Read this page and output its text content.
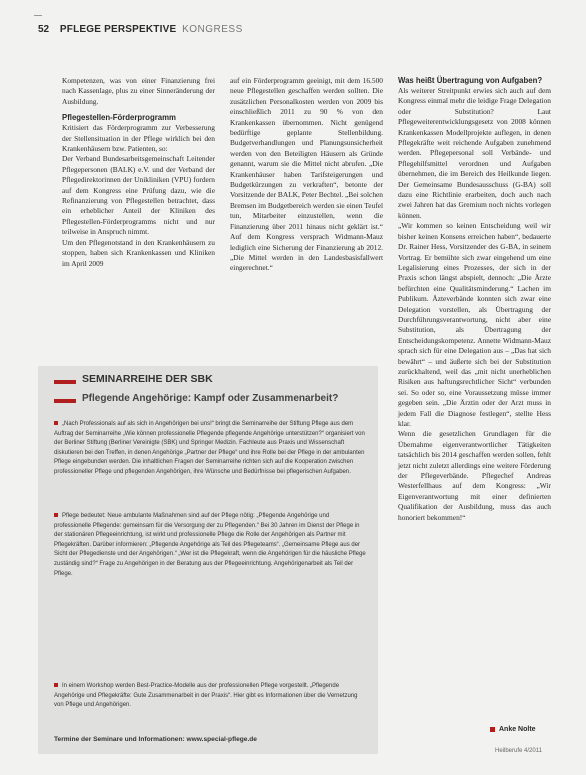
52 PFLEGE PERSPEKTIVE KONGRESS

Kompetenzen, was von einer Finanzierung frei nach Kassenlage, plus zu einer Sinneränderung der Ausbildung.

Pflegestellen-Förderprogramm

Kritisiert das Förderprogramm zur Verbesserung der Stellensituation in der Pflege wirklich bei den Krankenhäusern bzw. Patienten, so:

Der Verband Bundesarbeitsgemeinschaft Leitender Pflegepersonen (BALK) e.V. und der Verband der Pflegedirektorinnen der Unikliniken (VPU) fordern auf dem Kongress eine Prüfung dazu, wie die Refinanzierung von Pflegestellen betrachtet, dass ein erheblicher Anteil der Kliniken des Pflegestellen-Förderprogramms nicht und nur teilweise in Anspruch nimmt.

Um den Pflegenotstand in den Krankenhäusern zu stoppen, haben sich Krankenkassen und Kliniken im April 2009

auf ein Förderprogramm geeinigt, mit dem 16.500 neue Pflegestellen geschaffen werden sollten. Die zusätzlichen Personalkosten werden von 2009 bis einschließlich 2011 zu 90 % von den Krankenkassen übernommen. Nicht genügend bedürftige geplante Stellenbildung. Budgetverhandlungen und Planungsunsicherheit werden von den Beteiligten Häusern als Gründe genannt, warum sie die Mittel nicht abrufen. „Die Krankenhäuser haben Tarifsteigerungen und Budgetkürzungen zu verkraften“, betonte der Vorsitzende der BALK, Peter Bechtel. „Bei solchen Bremsen im Budgetbereich werden sie einen Teufel tun, Mitarbeiter einzustellen, wenn die Finanzierung über 2011 hinaus nicht geklärt ist.“ Auf dem Kongress versprach Widmann-Mauz lediglich eine Sicherung der Finanzierung ab 2012. „Die Mittel werden in den Landesbasisfallwert eingerechnet.“

Was heißt Übertragung von Aufgaben?

Als weiterer Streitpunkt erwies sich auch auf dem Kongress einmal mehr die leidige Frage Delegation oder Substitution? Laut Pflegeweiterentwicklungsgesetz von 2008 können Krankenkassen Modellprojekte auflegen, in denen Pflegekräfte weit reichende Aufgaben zunehmend werden. Pflegepersonal soll Verbände- und Pflegehilfsmittel verordnen und Aufgaben übernehmen, die im Bereich des Heilkunde liegen. Der Gemeinsame Bundesausschuss (G-BA) soll dazu eine Richtlinie erarbeiten, doch auch nach zwei Jahren hat das Gremium noch nichts vorlegen können.

„Wir kommen so keinen Entscheidung weil wir bisher keinen Konsens erreichen haben“, bedauerte Dr. Rainer Hess, Vorsitzender des G-BA, in seinem Vortrag. Er bemühte sich zwar eingehend um eine Legalisierung eines Prozesses, der sich in der Praxis schon längst abspielt, dennoch: „Die Ärzte befürchten eine Qualitätsminderung.“ Lachen im Publikum. Äzteverbände konnten sich zwar eine Delegation vorstellen, als Übertragung der Durchführungsverantwortung, nicht aber eine Substitution, als Übertragung der Entscheidungskompetenz. Annette Widmann-Mauz sprach sich für eine Delegation aus – „Das hat sich bewährt“ – und äußerte sich bei der Substitution zurückhaltend, weil das „mit nicht unerheblichen Risiken aus haftungsrechtlicher Sicht“ verbunden sei. So oder so, eine Voraussetzung müsse immer gegeben sein. „Die Ärztin oder der Arzt muss in jedem Fall die Diagnose festlegen“, stellte Hess klar.

Wenn die gesetzlichen Grundlagen für die Übernahme eigenverantwortlicher Tätigkeiten tatsächlich bis 2014 geschaffen werden sollen, fehlt jetzt nicht zuletzt allerdings eine weitere Förderung der Pflegeverbände. Pflegechef Andreas Westerfellhaus auf dem Kongress: „Wir Eigenverantwortung mit einer definierten Qualifikation der Ausbildung, muss das auch honoriert bekommen!“

SEMINARREIHE DER SBK
Pflegende Angehörige: Kampf oder Zusammenarbeit?

„Nach Professionals auf als sich in Angehörigen bei uns!“ bringt die Seminarreihe der Stiftung Pflege aus dem Auftrag der Seminarreihe „Wie können professionelle Pflegende pflegende Angehörige unterstützen?“ organisiert von der Berliner Stiftung (Berliner Vereinigte (SBK) und Springer Medizin. Fachleute aus Praxis und Wissenschaft diskutieren bei den Treffen, in denen Angehörige „Partner der Pflege“ und ihre Rolle bei der Pflege in der ambulanten Pflege eingebunden werden. Die inhaltlichen Fragen der Seminarreihe richten sich auf die Kooperation zwischen professioneller Pflege und pflegenden Angehörigen, ihre Wünsche und Bedürfnisse bei pflegerischen Aufgaben.

Pflege bedeutet: Neue ambulante Maßnahmen sind auf der Pflege nötig: „Pflegende Angehörige und professionelle Pflegende: gemeinsam für die Versorgung der zu Pflegenden.“ Bei 30 Jahren im Dienst der Pflege in der stationären Pflegeeinrichtung, ist wirkt und professionelle Pflege die Rolle der Angehörigen als Partner mit Pflegekräften. Darüber informieren: „Pflegende Angehörige als Teil des Pflegeteams“. „Gemeinsame Pflege aus der Sicht der Pflegedienste und der Angehörigen.“ „Wer ist die Pflegekraft, wenn die Angehörigen für die häusliche Pflege zuständig sind?“ Frage zu Angehörigen in der Beratung aus der Pflegeeinrichtung. Angehörigenarbeit als Teil der Pflege.

In einem Workshop werden Best-Practice-Modelle aus der professionellen Pflege vorgestellt. „Pflegende Angehörige und Pflegekräfte: Gute Zusammenarbeit in der Praxis“. Hier gibt es Informationen über die Vernetzung von Pflege und Angehörigen.

Termine der Seminare und Informationen: www.special-pflege.de
Anke Nolte
Heilberufe 4/2011
